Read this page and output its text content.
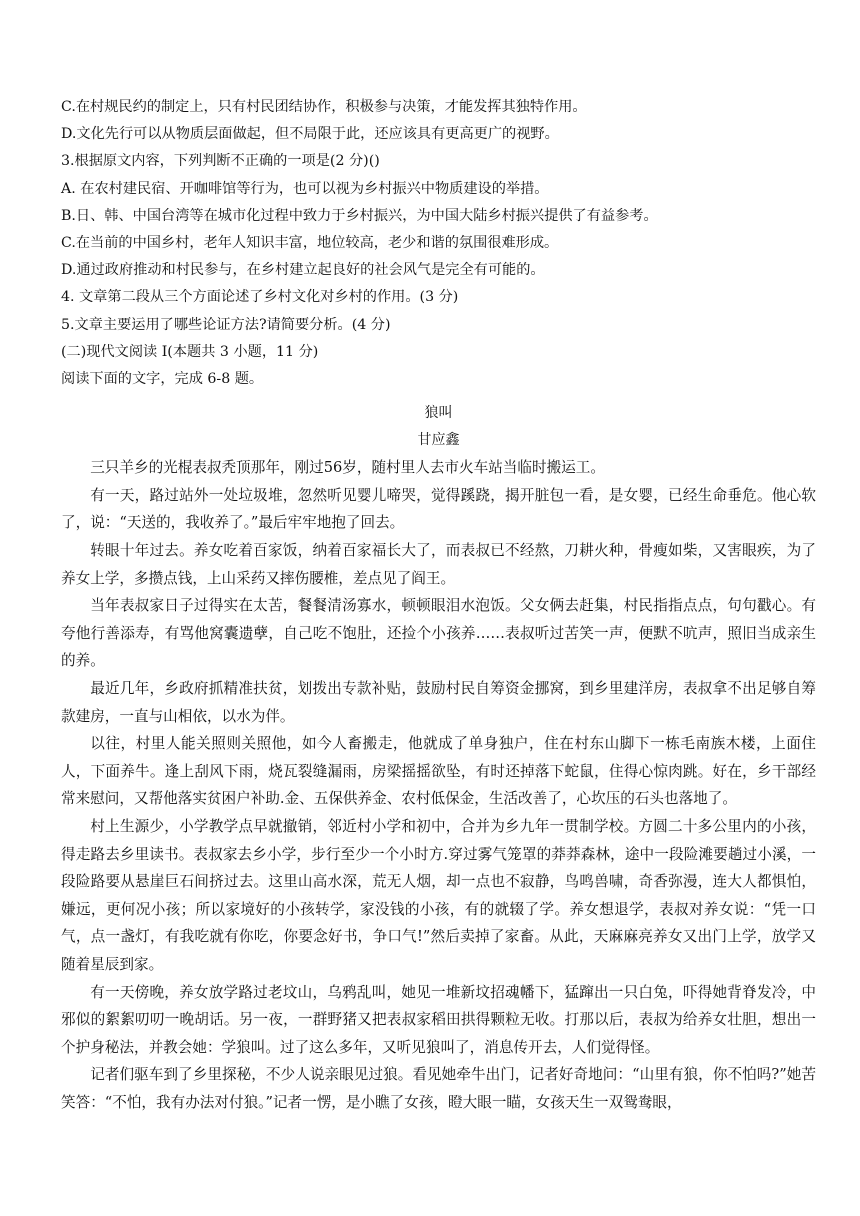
C.在村规民约的制定上，只有村民团结协作，积极参与决策，才能发挥其独特作用。
D.文化先行可以从物质层面做起，但不局限于此，还应该具有更高更广的视野。
3.根据原文内容，下列判断不正确的一项是(2 分)()
A. 在农村建民宿、开咖啡馆等行为，也可以视为乡村振兴中物质建设的举措。
B.日、韩、中国台湾等在城市化过程中致力于乡村振兴，为中国大陆乡村振兴提供了有益参考。
C.在当前的中国乡村，老年人知识丰富，地位较高，老少和谐的氛围很难形成。
D.通过政府推动和村民参与，在乡村建立起良好的社会风气是完全有可能的。
4. 文章第二段从三个方面论述了乡村文化对乡村的作用。(3 分)
5.文章主要运用了哪些论证方法?请简要分析。(4 分)
(二)现代文阅读 I(本题共 3 小题，11 分)
阅读下面的文字，完成 6-8 题。
狼叫
甘应鑫

三只羊乡的光棍表叔秃顶那年，刚过56岁，随村里人去市火车站当临时搬运工。

有一天，路过站外一处垃圾堆，忽然听见婴儿啼哭，觉得蹊跷，揭开脏包一看，是女婴，已经生命垂危。他心软了，说：“天送的，我收养了。”最后牢牢地抱了回去。

转眼十年过去。养女吃着百家饭，纳着百家福长大了，而表叔已不经熬，刀耕火种，骨瘦如柴，又害眼疾，为了养女上学，多攒点钱，上山采药又摔伤腰椎，差点见了阎王。

当年表叔家日子过得实在太苦，餐餐清汤寡水，顿顿眼泪水泡饭。父女俩去赶集，村民指指点点，句句戳心。有夸他行善添寿，有骂他窝囊遗孽，自己吃不饱肚，还捡个小孩养……表叔听过苦笑一声，便默不吭声，照旧当成亲生的养。

最近几年，乡政府抓精准扶贫，划拨出专款补贴，鼓励村民自筹资金挪窝，到乡里建洋房，表叔拿不出足够自筹款建房，一直与山相依，以水为伴。

以往，村里人能关照则关照他，如今人畜搬走，他就成了单身独户，住在村东山脚下一栋毛南族木楼，上面住人，下面养牛。逢上刮风下雨，烧瓦裂缝漏雨，房梁摇摇欲坠，有时还掉落下蛇鼠，住得心惊肉跳。好在，乡干部经常来慰问，又帮他落实贫困户补助.金、五保供养金、农村低保金，生活改善了，心坎压的石头也落地了。

村上生源少，小学教学点早就撤销，邻近村小学和初中，合并为乡九年一贯制学校。方圆二十多公里内的小孩，得走路去乡里读书。表叔家去乡小学，步行至少一个小时方.穿过雾气笼罩的莽莽森林，途中一段险滩要趟过小溪，一段险路要从悬崖巨石间挤过去。这里山高水深，荒无人烟，却一点也不寂静，鸟鸣兽啸，奇香弥漫，连大人都惧怕，嫌远，更何况小孩；所以家境好的小孩转学，家没钱的小孩，有的就辍了学。养女想退学，表叔对养女说：“凭一口气，点一盏灯，有我吃就有你吃，你要念好书，争口气!”然后卖掉了家畜。从此，天麻麻亮养女又出门上学，放学又随着星辰到家。

有一天傍晚，养女放学路过老坟山，乌鸦乱叫，她见一堆新坟招魂幡下，猛蹿出一只白兔，吓得她背脊发冷，中邪似的絮絮叨叨一晚胡话。另一夜，一群野猪又把表叔家稻田拱得颗粒无收。打那以后，表叔为给养女壮胆，想出一个护身秘法，并教会她：学狼叫。过了这么多年，又听见狼叫了，消息传开去，人们觉得怪。

记者们驱车到了乡里探秘，不少人说亲眼见过狼。看见她牵牛出门，记者好奇地问：“山里有狼，你不怕吗?”她苦笑答：“不怕，我有办法对付狼。”记者一愣，是小瞧了女孩，瞪大眼一瞄，女孩天生一双鸳鸯眼，
